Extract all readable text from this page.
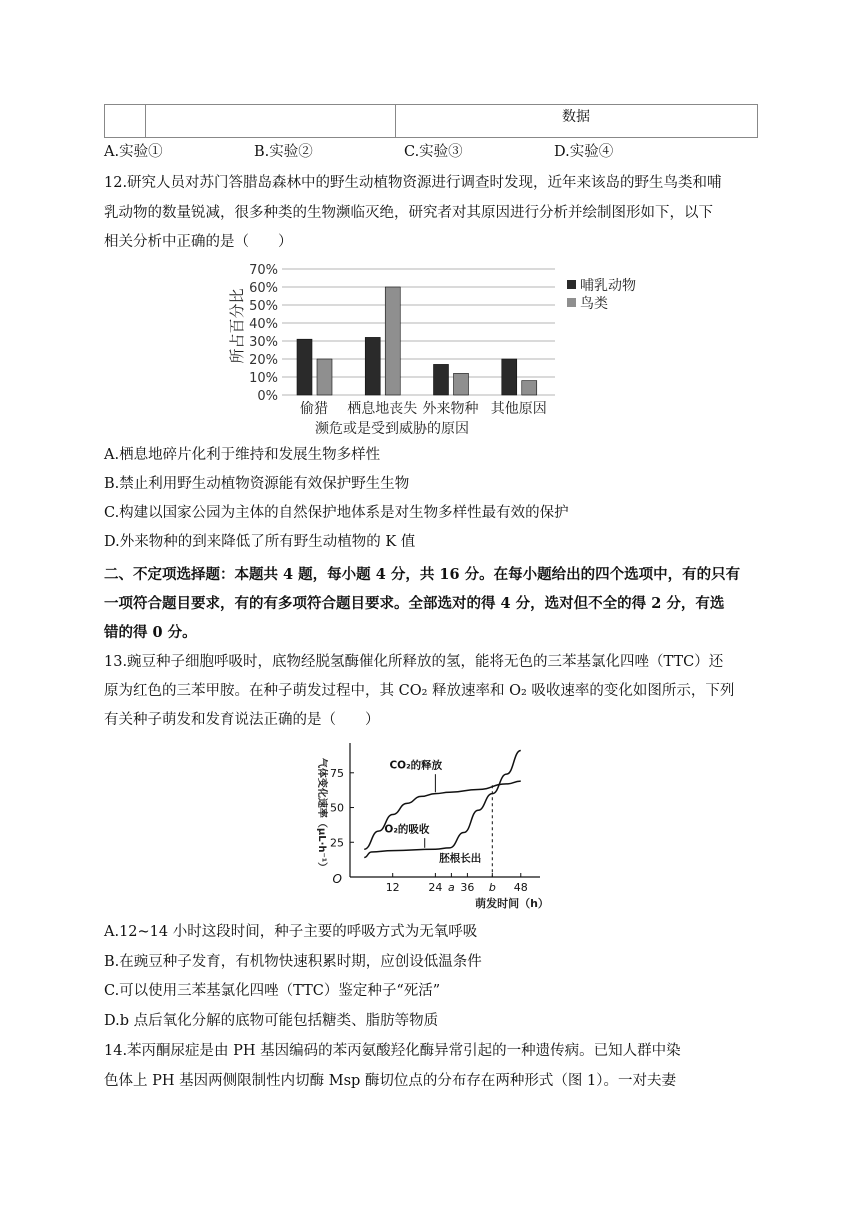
数据
A.实验①	B.实验②	C.实验③	D.实验④
12.研究人员对苏门答腊岛森林中的野生动植物资源进行调查时发现，近年来该岛的野生鸟类和哺
乳动物的数量锐减，很多种类的生物濒临灭绝，研究者对其原因进行分析并绘制图形如下，以下
相关分析中正确的是（　　）
0%
10%
20%
30%
40%
50%
60%
70%
偷猎 栖息地丧失 外来物种 其他原因
所占百分比
濒危或是受到威胁的原因
哺乳动物
鸟类
A.栖息地碎片化利于维持和发展生物多样性
B.禁止利用野生动植物资源能有效保护野生生物
C.构建以国家公园为主体的自然保护地体系是对生物多样性最有效的保护
D.外来物种的到来降低了所有野生动植物的 K 值
二、不定项选择题：本题共 4 题，每小题 4 分，共 16 分。在每小题给出的四个选项中，有的只有
一项符合题目要求，有的有多项符合题目要求。全部选对的得 4 分，选对但不全的得 2 分，有选
错的得 0 分。
13.豌豆种子细胞呼吸时，底物经脱氢酶催化所释放的氢，能将无色的三苯基氯化四唑（TTC）还
原为红色的三苯甲胺。在种子萌发过程中，其 CO₂ 释放速率和 O₂ 吸收速率的变化如图所示，下列
有关种子萌发和发育说法正确的是（　　）
O
12	24 a 36 b 48
25
50
75
CO₂的释放
O₂的吸收
胚根长出
气体变化速率（μL·h⁻¹）
萌发时间（h）
A.12~14 小时这段时间，种子主要的呼吸方式为无氧呼吸
B.在豌豆种子发育，有机物快速积累时期，应创设低温条件
C.可以使用三苯基氯化四唑（TTC）鉴定种子“死活”
D.b 点后氧化分解的底物可能包括糖类、脂肪等物质
14.苯丙酮尿症是由 PH 基因编码的苯丙氨酸羟化酶异常引起的一种遗传病。已知人群中染
色体上 PH 基因两侧限制性内切酶 Msp 酶切位点的分布存在两种形式（图 1）。一对夫妻
